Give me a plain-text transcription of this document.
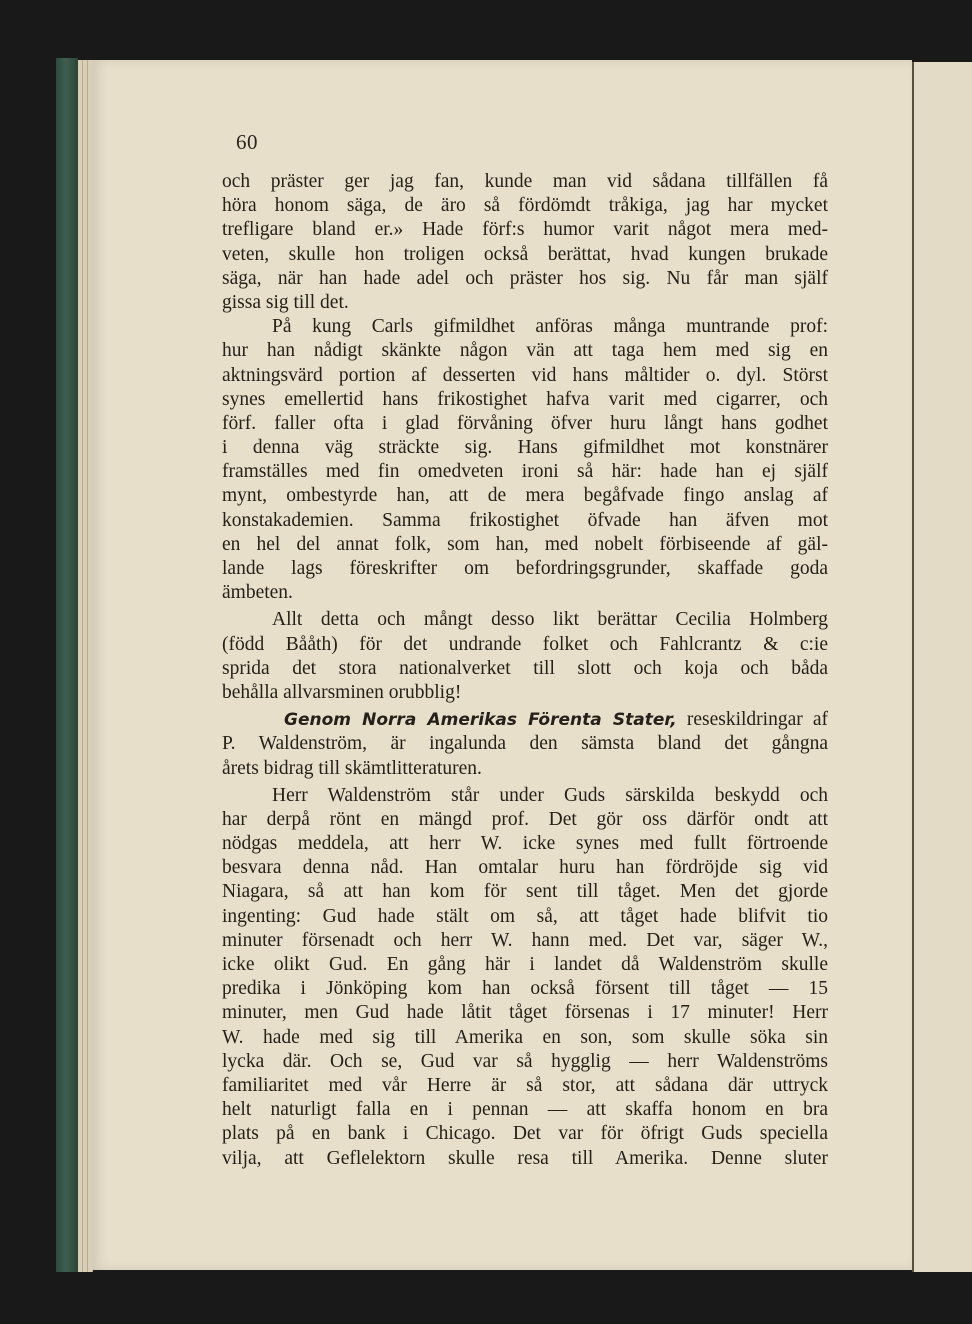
60
och präster ger jag fan, kunde man vid sådana tillfällen få
höra honom säga, de äro så fördömdt tråkiga, jag har mycket
trefligare bland er.» Hade förf:s humor varit något mera med-
veten, skulle hon troligen också berättat, hvad kungen brukade
säga, när han hade adel och präster hos sig. Nu får man själf
gissa sig till det.
På kung Carls gifmildhet anföras många muntrande prof:
hur han nådigt skänkte någon vän att taga hem med sig en
aktningsvärd portion af desserten vid hans måltider o. dyl. Störst
synes emellertid hans frikostighet hafva varit med cigarrer, och
förf. faller ofta i glad förvåning öfver huru långt hans godhet
i denna väg sträckte sig. Hans gifmildhet mot konstnärer
framställes med fin omedveten ironi så här: hade han ej själf
mynt, ombestyrde han, att de mera begåfvade fingo anslag af
konstakademien. Samma frikostighet öfvade han äfven mot
en hel del annat folk, som han, med nobelt förbiseende af gäl-
lande lags föreskrifter om befordringsgrunder, skaffade goda
ämbeten.
Allt detta och mångt desso likt berättar Cecilia Holmberg
(född Bååth) för det undrande folket och Fahlcrantz & c:ie
sprida det stora nationalverket till slott och koja och båda
behålla allvarsminen orubblig!
Genom Norra Amerikas Förenta Stater, reseskildringar af
P. Waldenström, är ingalunda den sämsta bland det gångna
årets bidrag till skämtlitteraturen.
Herr Waldenström står under Guds särskilda beskydd och
har derpå rönt en mängd prof. Det gör oss därför ondt att
nödgas meddela, att herr W. icke synes med fullt förtroende
besvara denna nåd. Han omtalar huru han fördröjde sig vid
Niagara, så att han kom för sent till tåget. Men det gjorde
ingenting: Gud hade stält om så, att tåget hade blifvit tio
minuter försenadt och herr W. hann med. Det var, säger W.,
icke olikt Gud. En gång här i landet då Waldenström skulle
predika i Jönköping kom han också försent till tåget — 15
minuter, men Gud hade låtit tåget försenas i 17 minuter! Herr
W. hade med sig till Amerika en son, som skulle söka sin
lycka där. Och se, Gud var så hygglig — herr Waldenströms
familiaritet med vår Herre är så stor, att sådana där uttryck
helt naturligt falla en i pennan — att skaffa honom en bra
plats på en bank i Chicago. Det var för öfrigt Guds speciella
vilja, att Geflelektorn skulle resa till Amerika. Denne sluter
